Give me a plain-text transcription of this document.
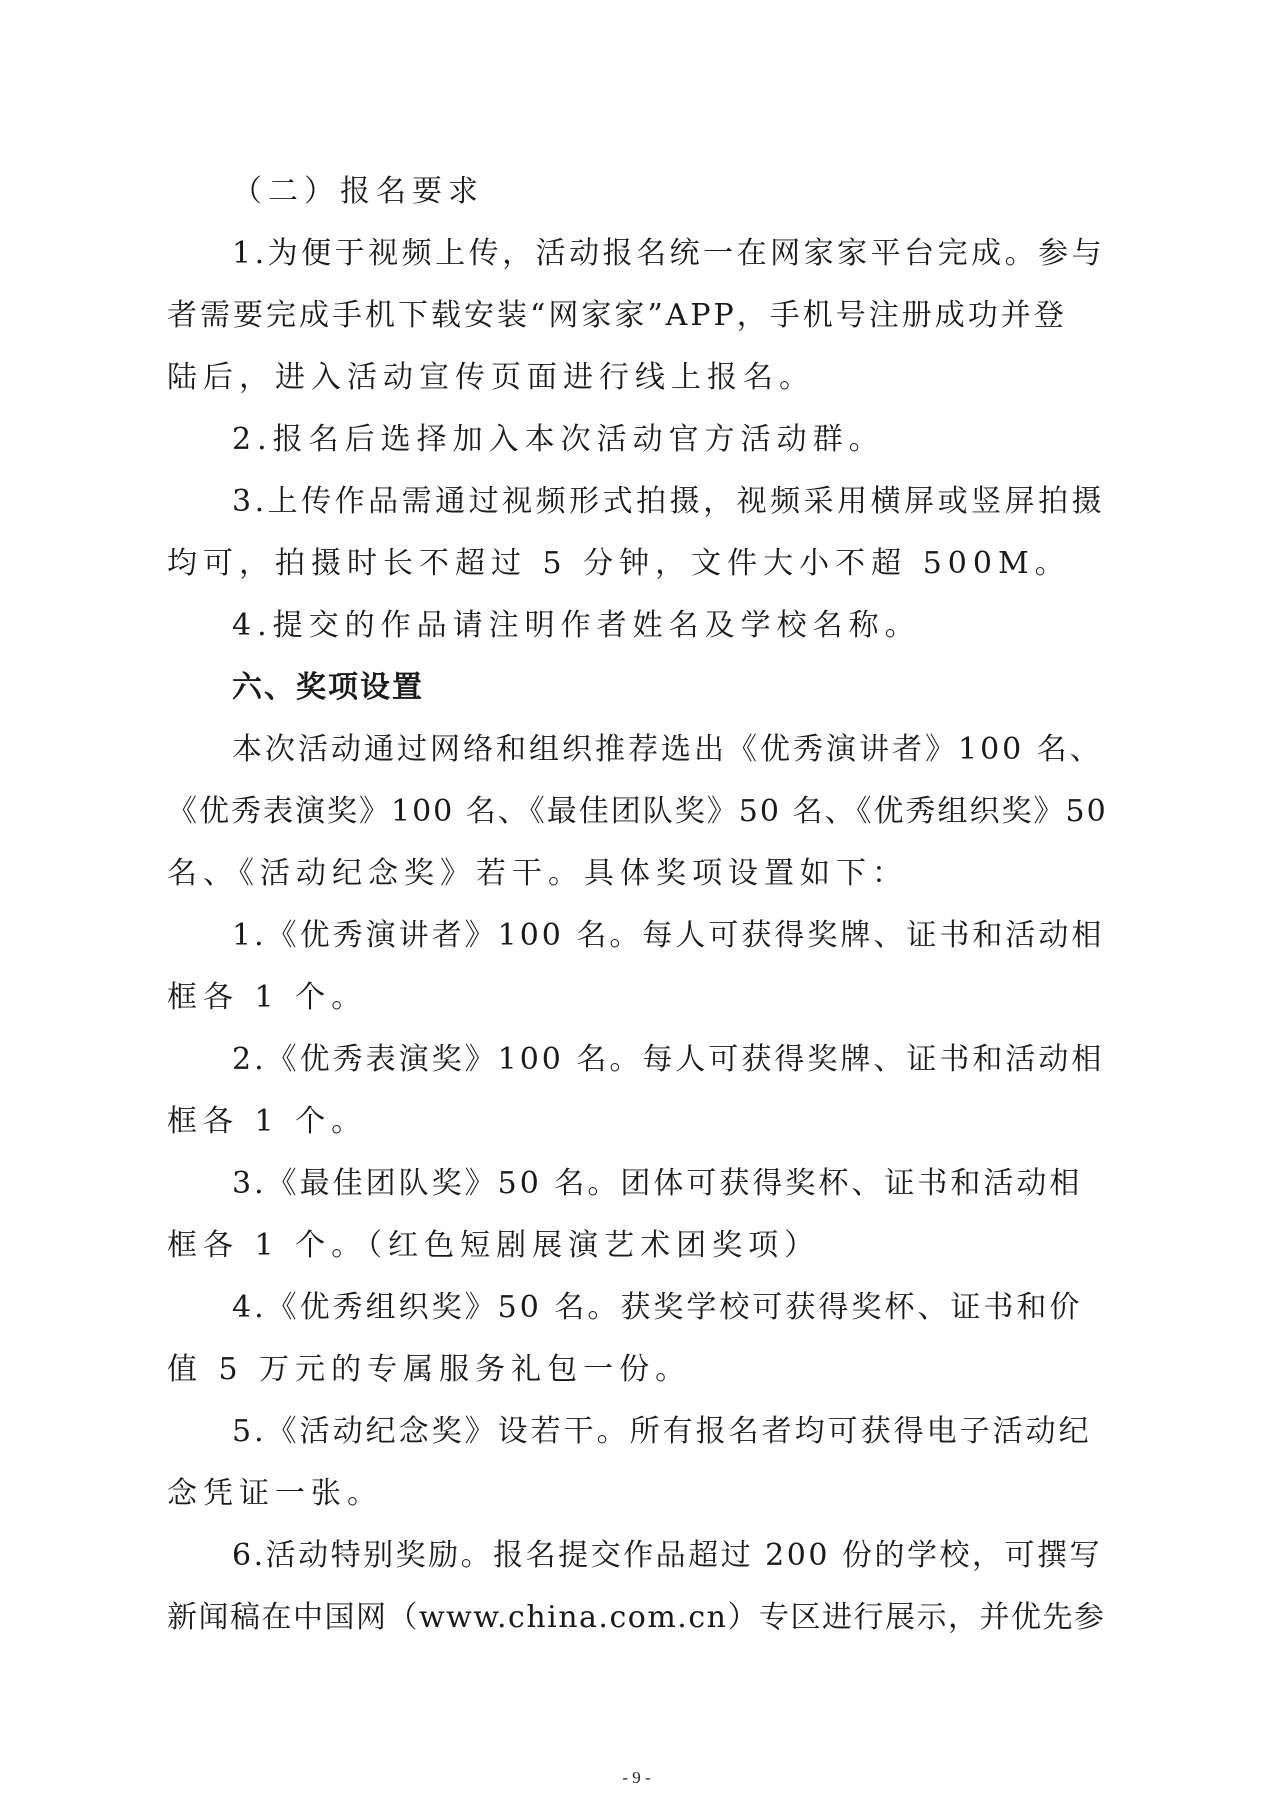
（二）报名要求
1.为便于视频上传，活动报名统一在网家家平台完成。参与
者需要完成手机下载安装“网家家”APP，手机号注册成功并登
陆后，进入活动宣传页面进行线上报名。
2.报名后选择加入本次活动官方活动群。
3.上传作品需通过视频形式拍摄，视频采用横屏或竖屏拍摄
均可，拍摄时长不超过 5 分钟，文件大小不超 500M。
4.提交的作品请注明作者姓名及学校名称。
六、奖项设置
本次活动通过网络和组织推荐选出《优秀演讲者》100 名、
《优秀表演奖》100 名、《最佳团队奖》50 名、《优秀组织奖》50
名、《活动纪念奖》若干。具体奖项设置如下：
1.《优秀演讲者》100 名。每人可获得奖牌、证书和活动相
框各 1 个。
2.《优秀表演奖》100 名。每人可获得奖牌、证书和活动相
框各 1 个。
3.《最佳团队奖》50 名。团体可获得奖杯、证书和活动相
框各 1 个。（红色短剧展演艺术团奖项）
4.《优秀组织奖》50 名。获奖学校可获得奖杯、证书和价
值 5 万元的专属服务礼包一份。
5.《活动纪念奖》设若干。所有报名者均可获得电子活动纪
念凭证一张。
6.活动特别奖励。报名提交作品超过 200 份的学校，可撰写
新闻稿在中国网（www.china.com.cn）专区进行展示，并优先参
- 9 -
